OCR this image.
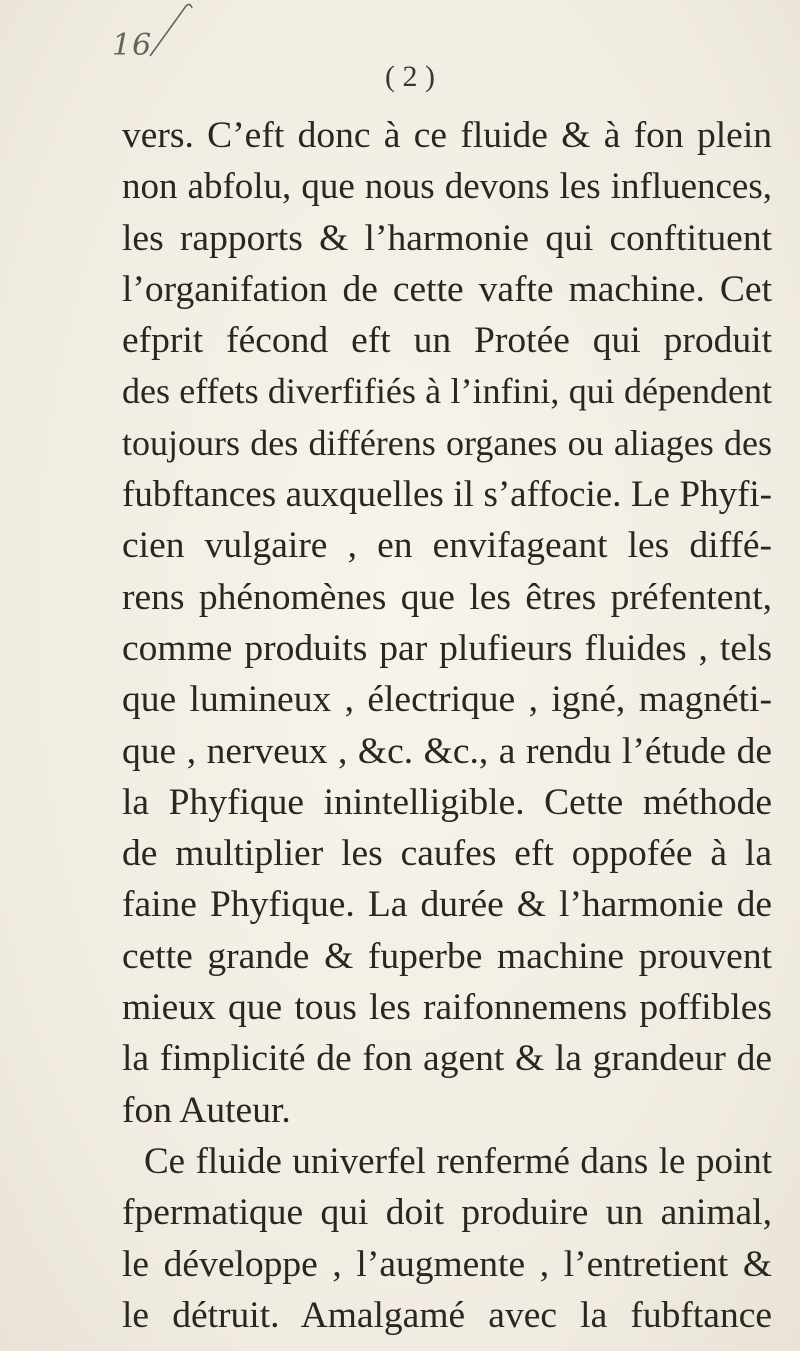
16
( 2 )
vers. C’eft donc à ce fluide & à fon plein
non abfolu, que nous devons les influences,
les rapports & l’harmonie qui conftituent
l’organifation de cette vafte machine. Cet
efprit fécond eft un Protée qui produit
des effets diverfifiés à l’infini, qui dépendent
toujours des différens organes ou aliages des
fubftances auxquelles il s’affocie. Le Phyfi-
cien vulgaire , en envifageant les diffé-
rens phénomènes que les êtres préfentent,
comme produits par plufieurs fluides , tels
que lumineux , électrique , igné, magnéti-
que , nerveux , &c. &c., a rendu l’étude de
la Phyfique inintelligible. Cette méthode
de multiplier les caufes eft oppofée à la
faine Phyfique. La durée & l’harmonie de
cette grande & fuperbe machine prouvent
mieux que tous les raifonnemens poffibles
la fimplicité de fon agent & la grandeur de
fon Auteur.
Ce fluide univerfel renfermé dans le point
fpermatique qui doit produire un animal,
le développe , l’augmente , l’entretient &
le détruit. Amalgamé avec la fubftance
